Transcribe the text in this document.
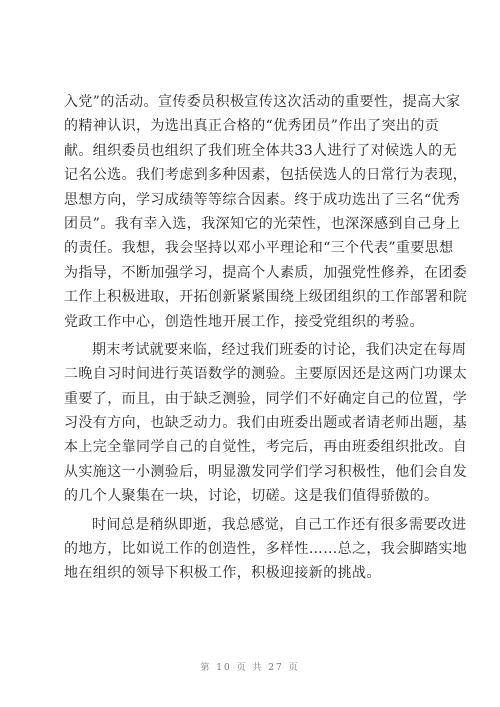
入党”的活动。宣传委员积极宣传这次活动的重要性，提高大家
的精神认识，为选出真正合格的“优秀团员”作出了突出的贡
献。组织委员也组织了我们班全体共33人进行了对候选人的无
记名公选。我们考虑到多种因素，包括侯选人的日常行为表现，
思想方向，学习成绩等等综合因素。终于成功选出了三名“优秀
团员”。我有幸入选，我深知它的光荣性，也深深感到自己身上
的责任。我想，我会坚持以邓小平理论和“三个代表”重要思想
为指导，不断加强学习，提高个人素质，加强党性修养，在团委
工作上积极进取，开拓创新紧紧围绕上级团组织的工作部署和院
党政工作中心，创造性地开展工作，接受党组织的考验。

期末考试就要来临，经过我们班委的讨论，我们决定在每周
二晚自习时间进行英语数学的测验。主要原因还是这两门功课太
重要了，而且，由于缺乏测验，同学们不好确定自己的位置，学
习没有方向，也缺乏动力。我们由班委出题或者请老师出题，基
本上完全靠同学自己的自觉性，考完后，再由班委组织批改。自
从实施这一小测验后，明显激发同学们学习积极性，他们会自发
的几个人聚集在一块，讨论，切磋。这是我们值得骄傲的。

时间总是稍纵即逝，我总感觉，自己工作还有很多需要改进
的地方，比如说工作的创造性，多样性……总之，我会脚踏实地
地在组织的领导下积极工作，积极迎接新的挑战。

第 10 页 共 27 页
